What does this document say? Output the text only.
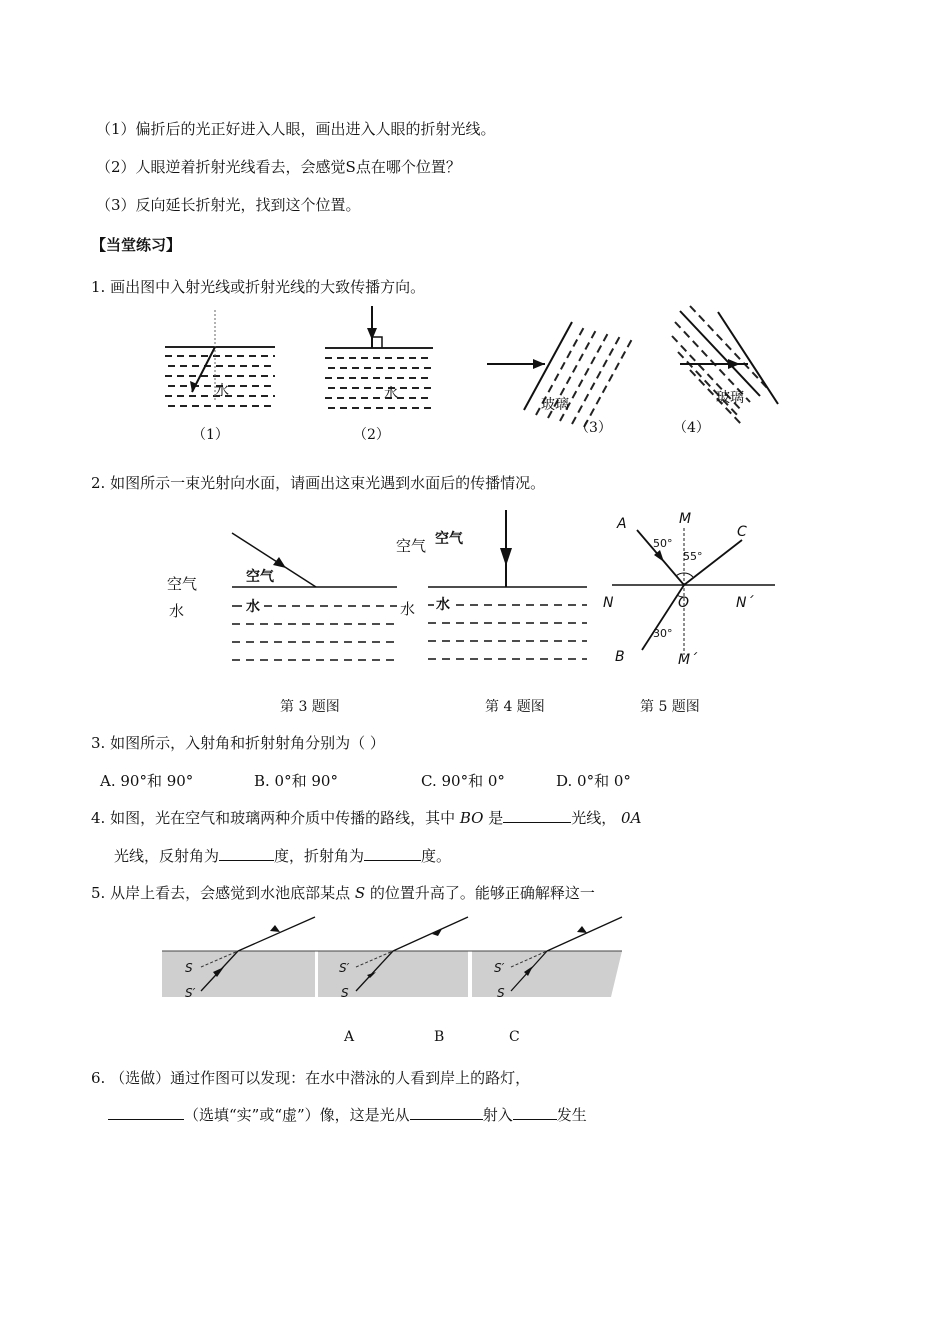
（1）偏折后的光正好进入人眼，画出进入人眼的折射光线。
（2）人眼逆着折射光线看去，会感觉S点在哪个位置？
（3）反向延长折射光，找到这个位置。
【当堂练习】
1. 画出图中入射光线或折射光线的大致传播方向。
水	水
玻璃	玻璃
（1）	（2）	（3）	（4）
2. 如图所示一束光射向水面，请画出这束光遇到水面后的传播情况。
空气
水
空气
水
空气
水
空气
水
A	M
C
50°
55°
N	O	N´
30°
B	M´
第 3 题图	第 4 题图	第 5 题图
3. 如图所示，入射角和折射射角分别为（ ）
A. 90°和 90°	B. 0°和 90°	C. 90°和 0°	D. 0°和 0°
4. 如图，光在空气和玻璃两种介质中传播的路线，其中 BO 是	光线， 0A
光线，反射角为	度，折射角为	度。
5. 从岸上看去，会感觉到水池底部某点 S 的位置升高了。能够正确解释这一
S
S′
S′
S
S′
S
A	B	C
6. （选做）通过作图可以发现：在水中潜泳的人看到岸上的路灯，
（选填“实”或“虚”）像，这是光从	射入	发生
